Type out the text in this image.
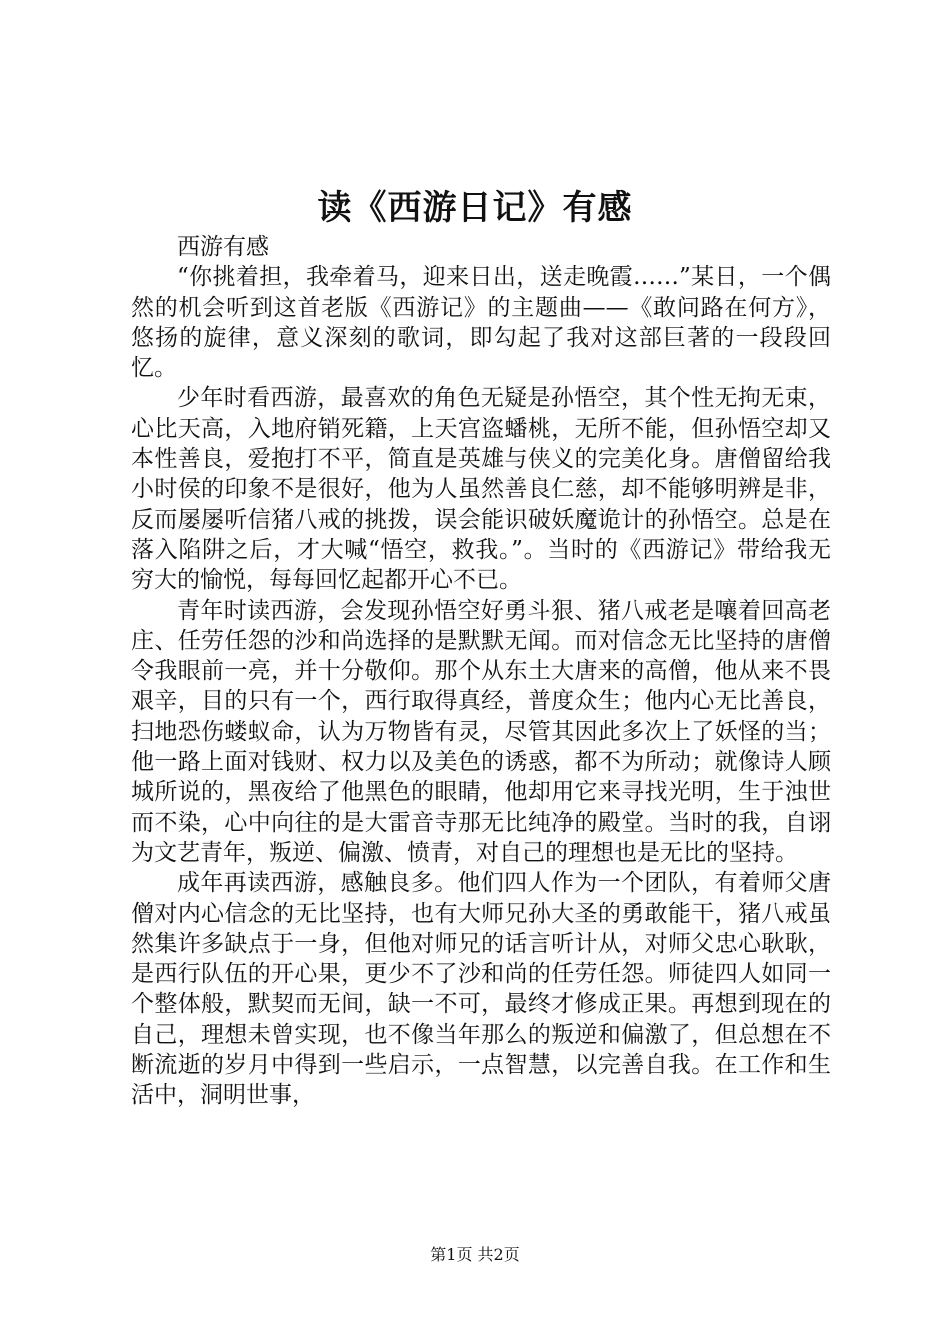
读《西游日记》有感

西游有感

“你挑着担，我牵着马，迎来日出，送走晚霞……”某日，一个偶然的机会听到这首老版《西游记》的主题曲——《敢问路在何方》，悠扬的旋律，意义深刻的歌词，即勾起了我对这部巨著的一段段回忆。

少年时看西游，最喜欢的角色无疑是孙悟空，其个性无拘无束，心比天高，入地府销死籍，上天宫盗蟠桃，无所不能，但孙悟空却又本性善良，爱抱打不平，简直是英雄与侠义的完美化身。唐僧留给我小时侯的印象不是很好，他为人虽然善良仁慈，却不能够明辨是非，反而屡屡听信猪八戒的挑拨，误会能识破妖魔诡计的孙悟空。总是在落入陷阱之后，才大喊“悟空，救我。”。当时的《西游记》带给我无穷大的愉悦，每每回忆起都开心不已。

青年时读西游，会发现孙悟空好勇斗狠、猪八戒老是嚷着回高老庄、任劳任怨的沙和尚选择的是默默无闻。而对信念无比坚持的唐僧令我眼前一亮，并十分敬仰。那个从东土大唐来的高僧，他从来不畏艰辛，目的只有一个，西行取得真经，普度众生；他内心无比善良，扫地恐伤蝼蚁命，认为万物皆有灵，尽管其因此多次上了妖怪的当；他一路上面对钱财、权力以及美色的诱惑，都不为所动；就像诗人顾城所说的，黑夜给了他黑色的眼睛，他却用它来寻找光明，生于浊世而不染，心中向往的是大雷音寺那无比纯净的殿堂。当时的我，自诩为文艺青年，叛逆、偏激、愤青，对自己的理想也是无比的坚持。

成年再读西游，感触良多。他们四人作为一个团队，有着师父唐僧对内心信念的无比坚持，也有大师兄孙大圣的勇敢能干，猪八戒虽然集许多缺点于一身，但他对师兄的话言听计从，对师父忠心耿耿，是西行队伍的开心果，更少不了沙和尚的任劳任怨。师徒四人如同一个整体般，默契而无间，缺一不可，最终才修成正果。再想到现在的自己，理想未曾实现，也不像当年那么的叛逆和偏激了，但总想在不断流逝的岁月中得到一些启示，一点智慧，以完善自我。在工作和生活中，洞明世事，

第1页 共2页
